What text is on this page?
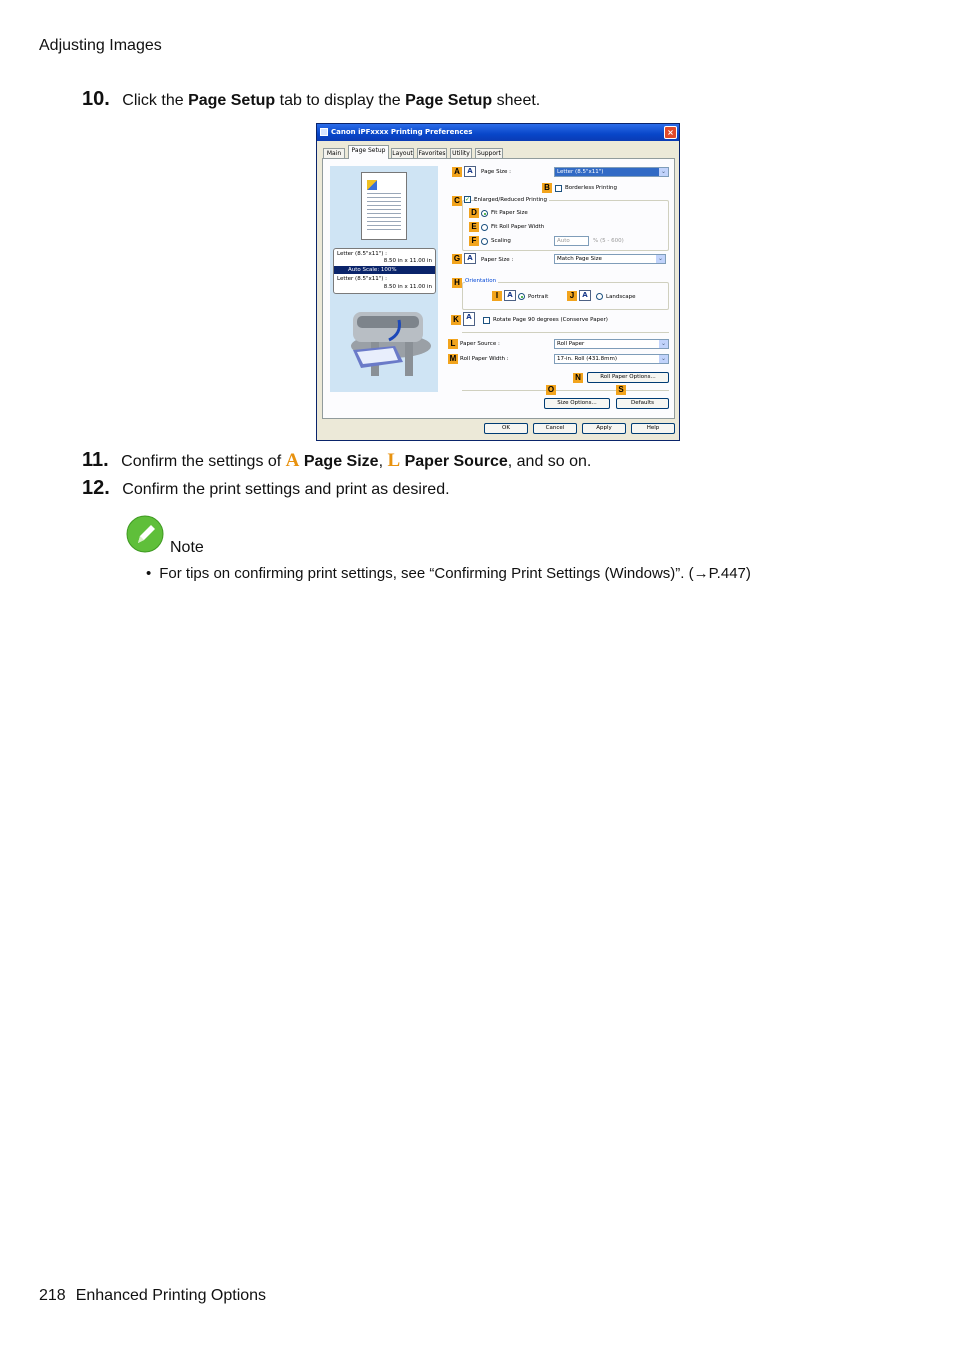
Adjusting Images
10. Click the Page Setup tab to display the Page Setup sheet.
Canon iPFxxxx Printing Preferences	×
Main	Page Setup	Layout Favorites	Utility	Support
Letter (8.5"x11") :
8.50 in x 11.00 in
Auto Scale: 100%
Letter (8.5"x11") :
8.50 in x 11.00 in
A	A	Page Size :	Letter (8.5"x11")	⌄
B	Borderless Printing
C ✓ Enlarged/Reduced Printing
D	Fit Paper Size
E	Fit Roll Paper Width
F	Scaling	Auto	% (5 - 600)
G	A	Paper Size :	Match Page Size	⌄
H Orientation
I	A	Portrait	J	A	Landscape
K	A	Rotate Page 90 degrees (Conserve Paper)
L Paper Source :	Roll Paper	⌄
M Roll Paper Width :	17-in. Roll (431.8mm)	⌄
N	Roll Paper Options...
O	S
Size Options...	Defaults
OK	Cancel	Apply	Help
11. Confirm the settings of A Page Size, L Paper Source, and so on.
12. Confirm the print settings and print as desired.
Note
• For tips on confirming print settings, see “Confirming Print Settings (Windows)”. (→P.447)
218 Enhanced Printing Options
